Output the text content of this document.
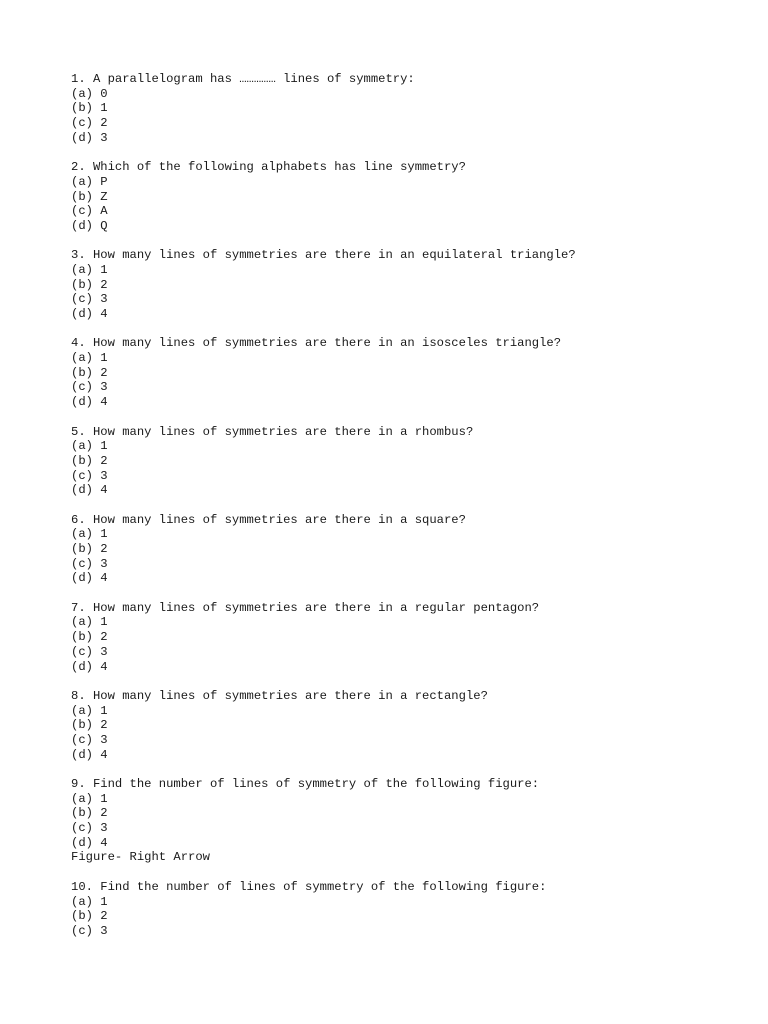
1. A parallelogram has …………… lines of symmetry:
(a) 0
(b) 1
(c) 2
(d) 3
2. Which of the following alphabets has line symmetry?
(a) P
(b) Z
(c) A
(d) Q
3. How many lines of symmetries are there in an equilateral triangle?
(a) 1
(b) 2
(c) 3
(d) 4
4. How many lines of symmetries are there in an isosceles triangle?
(a) 1
(b) 2
(c) 3
(d) 4
5. How many lines of symmetries are there in a rhombus?
(a) 1
(b) 2
(c) 3
(d) 4
6. How many lines of symmetries are there in a square?
(a) 1
(b) 2
(c) 3
(d) 4
7. How many lines of symmetries are there in a regular pentagon?
(a) 1
(b) 2
(c) 3
(d) 4
8. How many lines of symmetries are there in a rectangle?
(a) 1
(b) 2
(c) 3
(d) 4
9. Find the number of lines of symmetry of the following figure:
(a) 1
(b) 2
(c) 3
(d) 4
Figure- Right Arrow
10. Find the number of lines of symmetry of the following figure:
(a) 1
(b) 2
(c) 3
